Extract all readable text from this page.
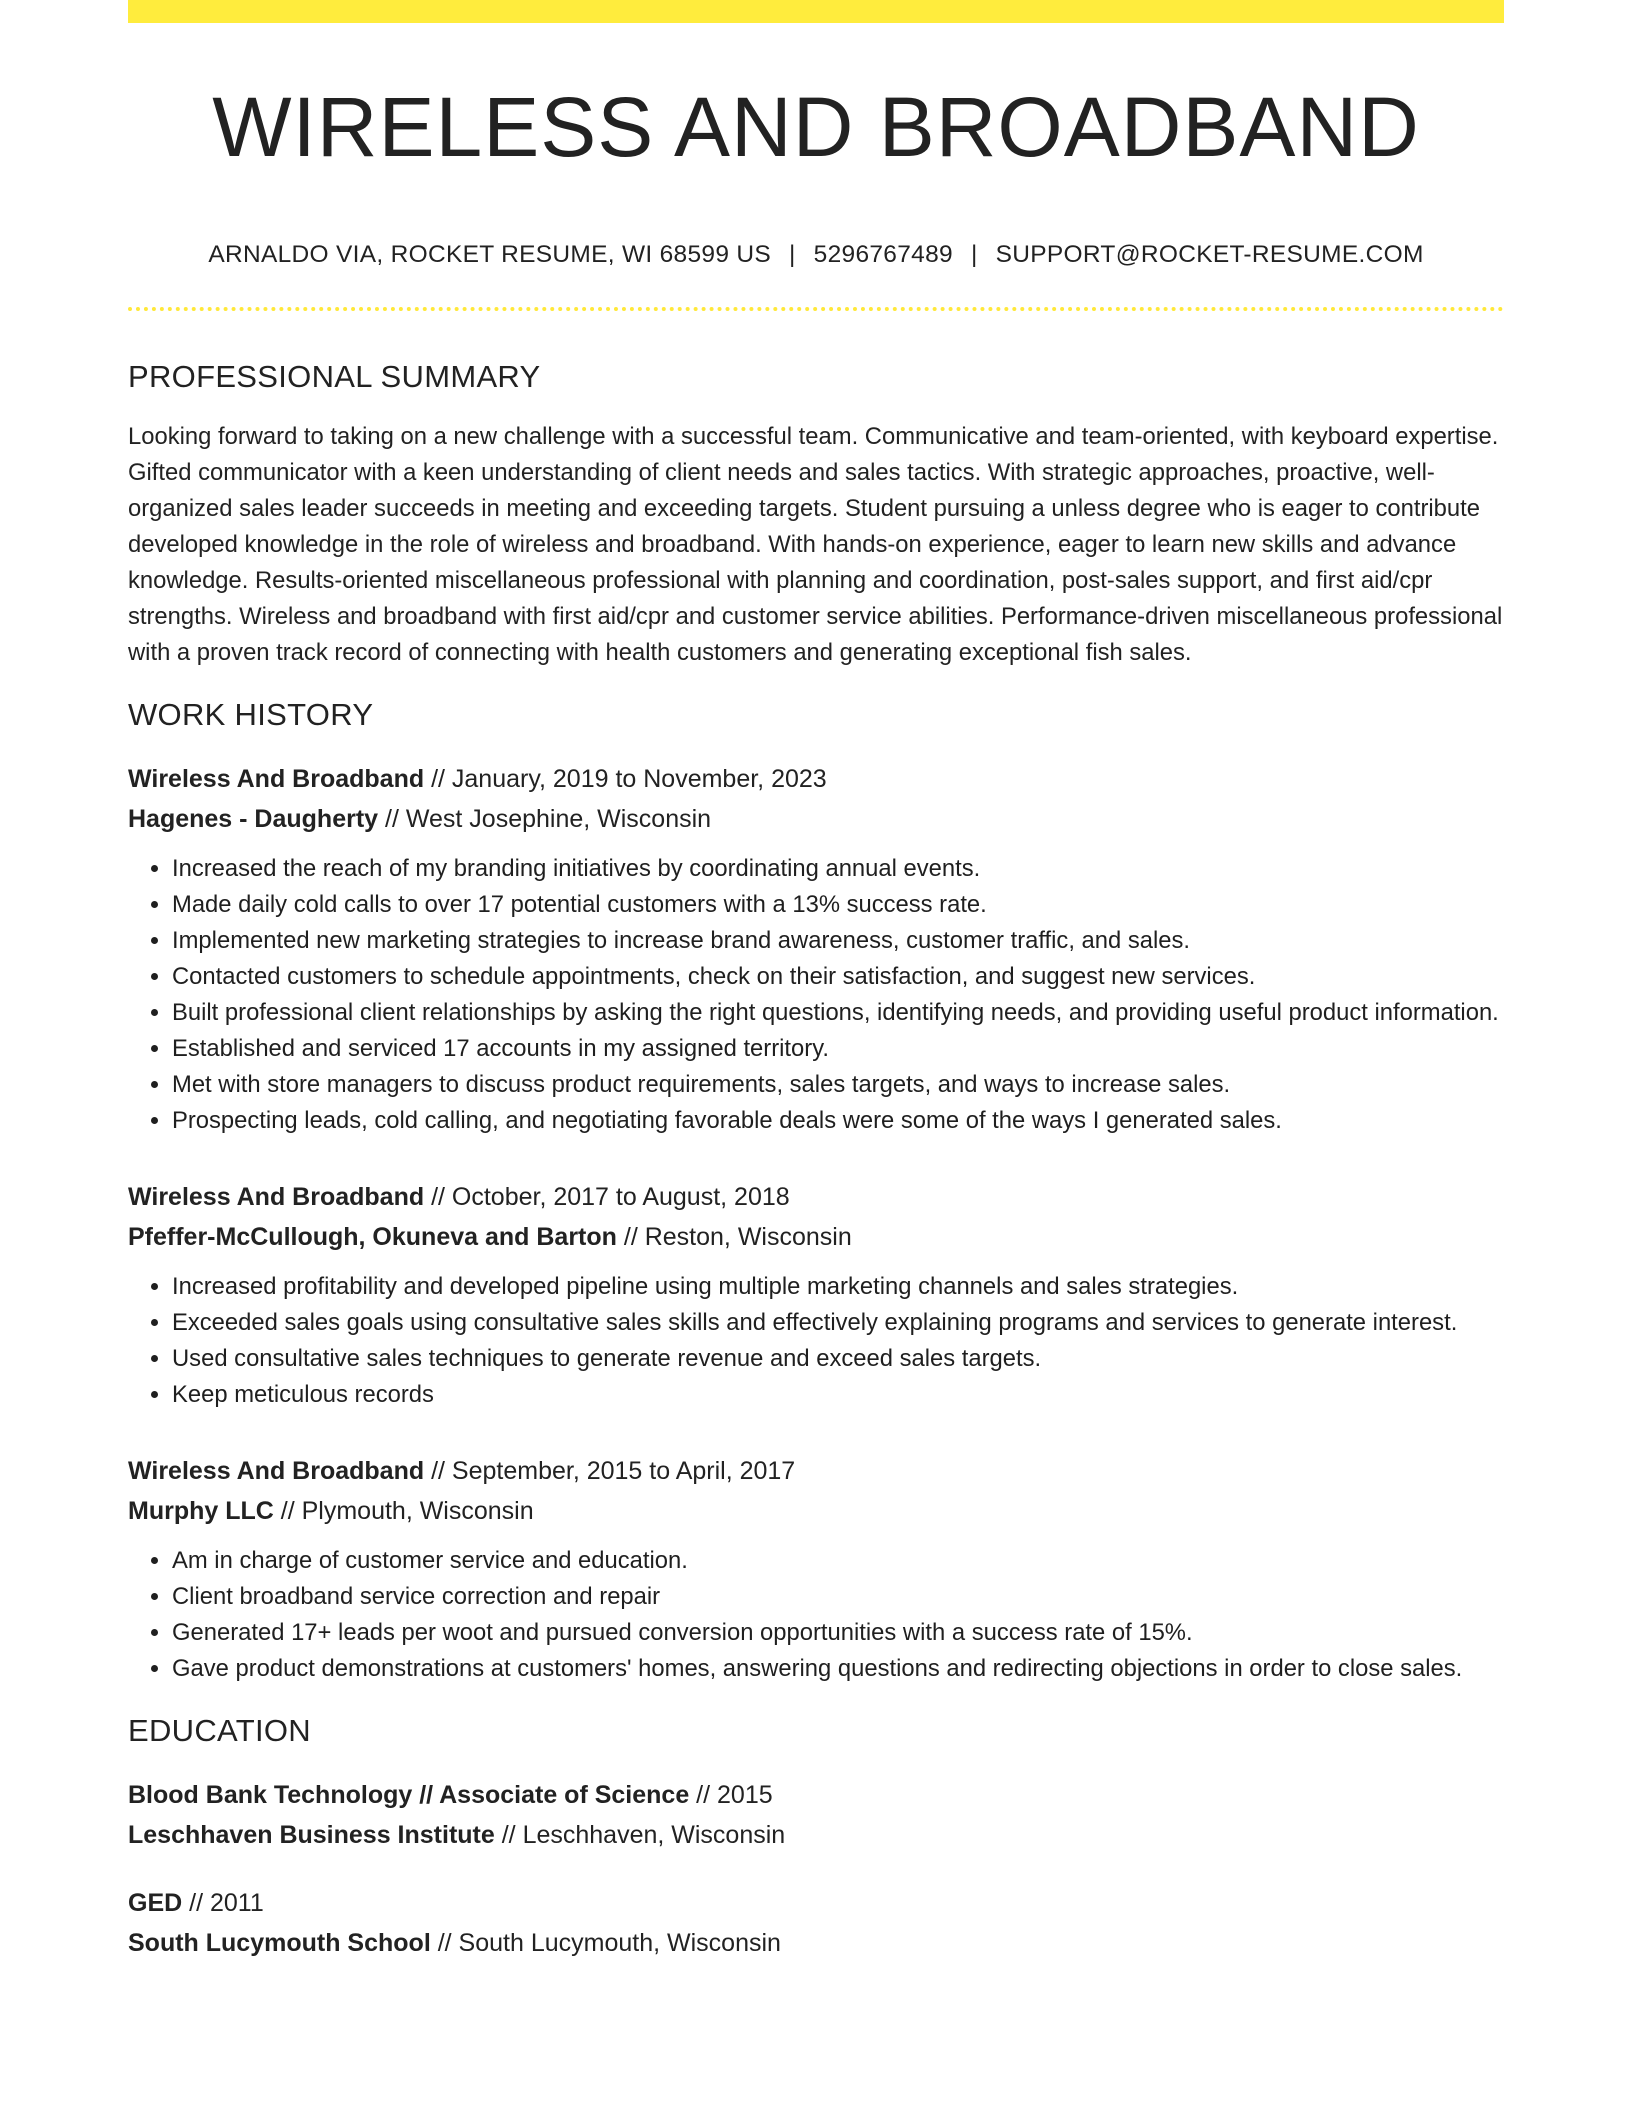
WIRELESS AND BROADBAND
ARNALDO VIA, ROCKET RESUME, WI 68599 US | 5296767489 | SUPPORT@ROCKET-RESUME.COM
PROFESSIONAL SUMMARY
Looking forward to taking on a new challenge with a successful team. Communicative and team-oriented, with keyboard expertise. Gifted communicator with a keen understanding of client needs and sales tactics. With strategic approaches, proactive, well-organized sales leader succeeds in meeting and exceeding targets. Student pursuing a unless degree who is eager to contribute developed knowledge in the role of wireless and broadband. With hands-on experience, eager to learn new skills and advance knowledge. Results-oriented miscellaneous professional with planning and coordination, post-sales support, and first aid/cpr strengths. Wireless and broadband with first aid/cpr and customer service abilities. Performance-driven miscellaneous professional with a proven track record of connecting with health customers and generating exceptional fish sales.
WORK HISTORY
Wireless And Broadband // January, 2019 to November, 2023
Hagenes - Daugherty // West Josephine, Wisconsin
• Increased the reach of my branding initiatives by coordinating annual events.
• Made daily cold calls to over 17 potential customers with a 13% success rate.
• Implemented new marketing strategies to increase brand awareness, customer traffic, and sales.
• Contacted customers to schedule appointments, check on their satisfaction, and suggest new services.
• Built professional client relationships by asking the right questions, identifying needs, and providing useful product information.
• Established and serviced 17 accounts in my assigned territory.
• Met with store managers to discuss product requirements, sales targets, and ways to increase sales.
• Prospecting leads, cold calling, and negotiating favorable deals were some of the ways I generated sales.
Wireless And Broadband // October, 2017 to August, 2018
Pfeffer-McCullough, Okuneva and Barton // Reston, Wisconsin
• Increased profitability and developed pipeline using multiple marketing channels and sales strategies.
• Exceeded sales goals using consultative sales skills and effectively explaining programs and services to generate interest.
• Used consultative sales techniques to generate revenue and exceed sales targets.
• Keep meticulous records
Wireless And Broadband // September, 2015 to April, 2017
Murphy LLC // Plymouth, Wisconsin
• Am in charge of customer service and education.
• Client broadband service correction and repair
• Generated 17+ leads per woot and pursued conversion opportunities with a success rate of 15%.
• Gave product demonstrations at customers' homes, answering questions and redirecting objections in order to close sales.
EDUCATION
Blood Bank Technology // Associate of Science // 2015
Leschhaven Business Institute // Leschhaven, Wisconsin
GED // 2011
South Lucymouth School // South Lucymouth, Wisconsin
